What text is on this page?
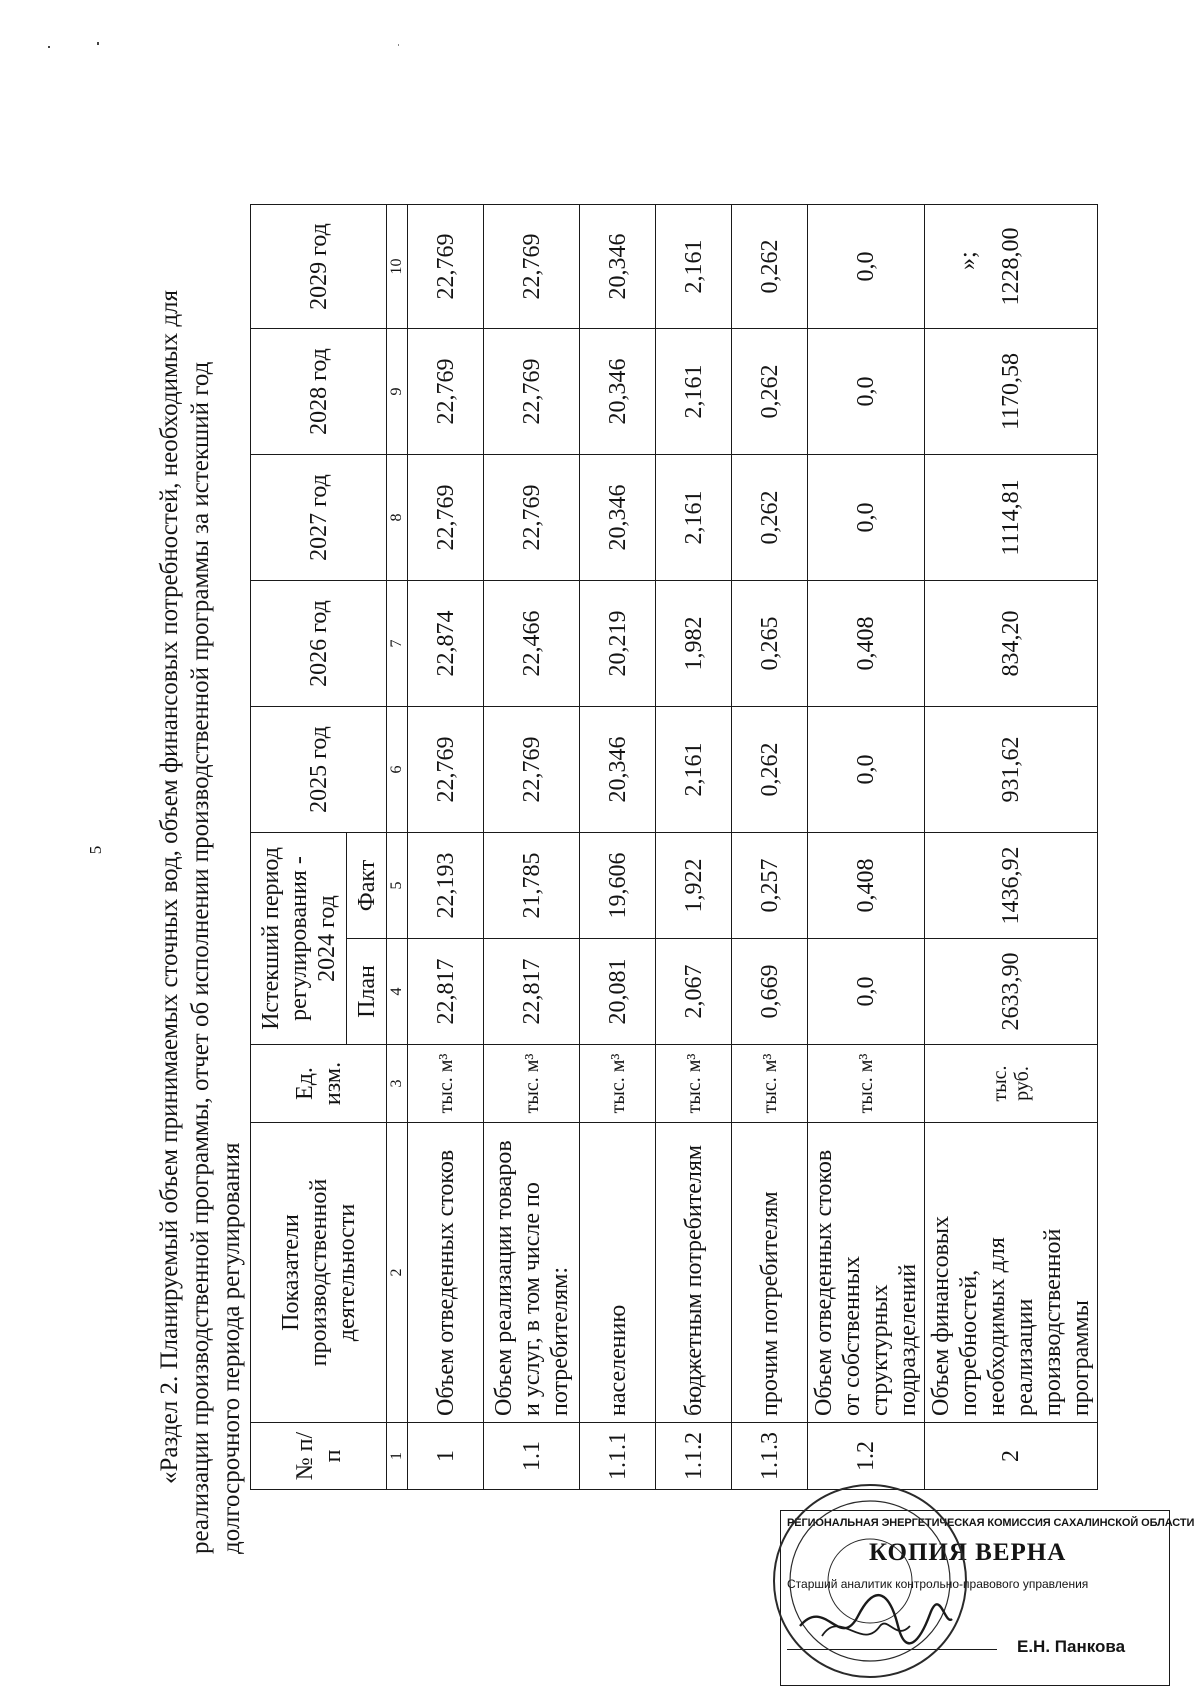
5 «Раздел 2. Планируемый объем принимаемых сточных вод, объем финансовых потребностей, необходимых для реализации производственной программы, отчет об исполнении производственной программы за истекший год долгосрочного периода регулирования № п/п	Показатели производственной деятельности	Ед. изм.	Истекший период регулирования - 2024 год		2025 год	2026 год	2027 год	2028 год	2029 год
			План	Факт					
1	2	3	4	5	6	7	8	9	10
1	Объем отведенных стоков	тыс. м³	22,817	22,193	22,769	22,874	22,769	22,769	22,769
1.1	Объем реализации товаров и услуг, в том числе по потребителям:	тыс. м³	22,817	21,785	22,769	22,466	22,769	22,769	22,769
1.1.1	населению	тыс. м³	20,081	19,606	20,346	20,219	20,346	20,346	20,346
1.1.2	бюджетным потребителям	тыс. м³	2,067	1,922	2,161	1,982	2,161	2,161	2,161
1.1.3	прочим потребителям	тыс. м³	0,669	0,257	0,262	0,265	0,262	0,262	0,262
1.2	Объем отведенных стоков от собственных структурных подразделений	тыс. м³	0,0	0,408	0,0	0,408	0,0	0,0	0,0
2	Объем финансовых потребностей, необходимых для реализации производственной программы	тыс. руб.	2633,90	1436,92	931,62	834,20	1114,81	1170,58	1228,00
»;
РЕГИОНАЛЬНАЯ ЭНЕРГЕТИЧЕСКАЯ КОМИССИЯ САХАЛИНСКОЙ ОБЛАСТИ
КОПИЯ ВЕРНА
Старший аналитик контрольно-правового управления
Е.Н. Панкова
